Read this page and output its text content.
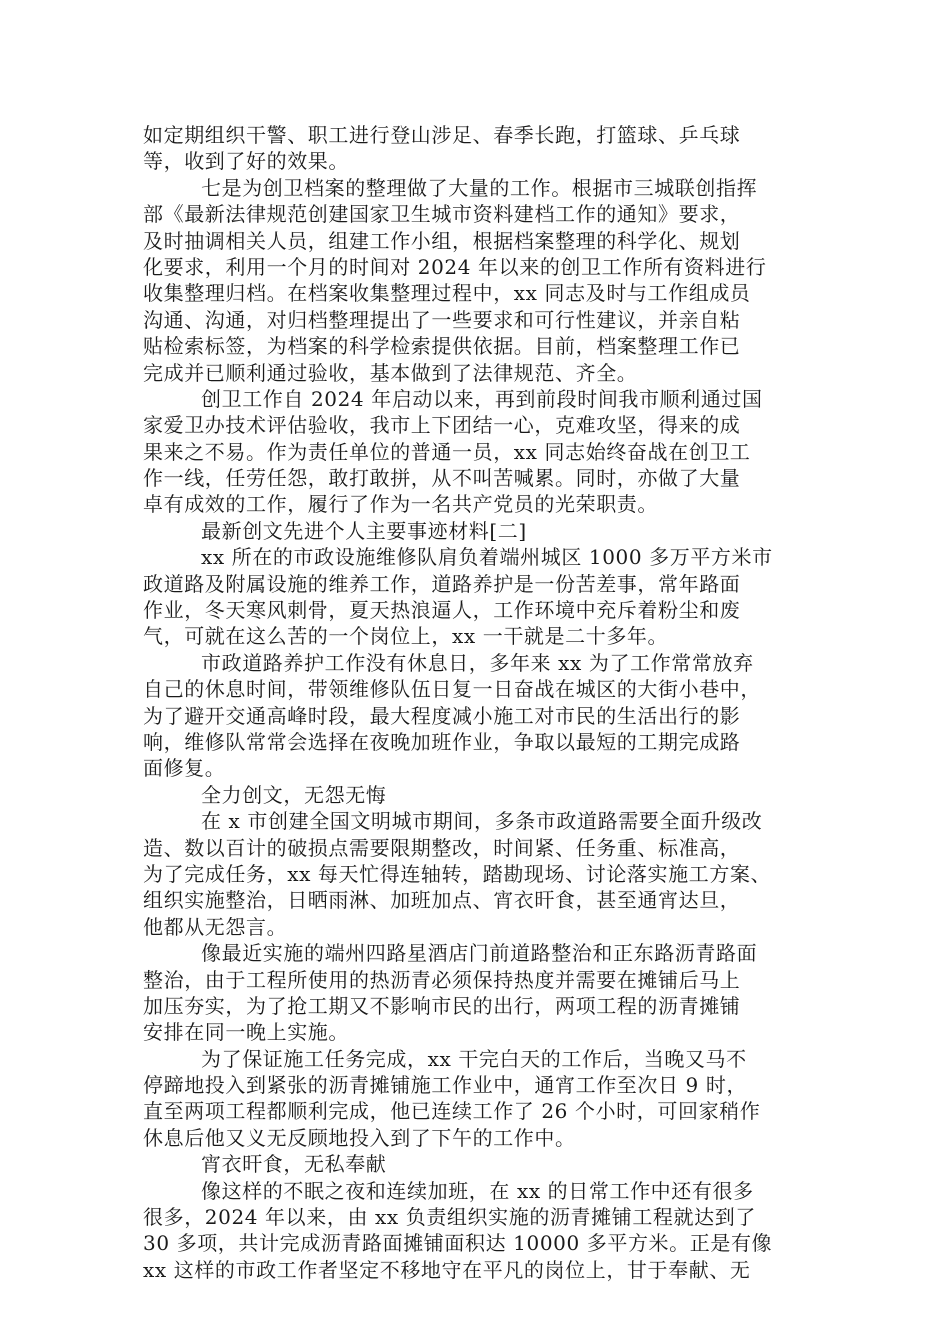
如定期组织干警、职工进行登山涉足、春季长跑，打篮球、乒乓球
等，收到了好的效果。
七是为创卫档案的整理做了大量的工作。根据市三城联创指挥
部《最新法律规范创建国家卫生城市资料建档工作的通知》要求，
及时抽调相关人员，组建工作小组，根据档案整理的科学化、规划
化要求，利用一个月的时间对 2024 年以来的创卫工作所有资料进行
收集整理归档。在档案收集整理过程中，xx 同志及时与工作组成员
沟通、沟通，对归档整理提出了一些要求和可行性建议，并亲自粘
贴检索标签，为档案的科学检索提供依据。目前，档案整理工作已
完成并已顺利通过验收，基本做到了法律规范、齐全。
创卫工作自 2024 年启动以来，再到前段时间我市顺利通过国
家爱卫办技术评估验收，我市上下团结一心，克难攻坚，得来的成
果来之不易。作为责任单位的普通一员，xx 同志始终奋战在创卫工
作一线，任劳任怨，敢打敢拼，从不叫苦喊累。同时，亦做了大量
卓有成效的工作，履行了作为一名共产党员的光荣职责。
最新创文先进个人主要事迹材料[二]
xx 所在的市政设施维修队肩负着端州城区 1000 多万平方米市
政道路及附属设施的维养工作，道路养护是一份苦差事，常年路面
作业，冬天寒风刺骨，夏天热浪逼人，工作环境中充斥着粉尘和废
气，可就在这么苦的一个岗位上，xx 一干就是二十多年。
市政道路养护工作没有休息日，多年来 xx 为了工作常常放弃
自己的休息时间，带领维修队伍日复一日奋战在城区的大街小巷中，
为了避开交通高峰时段，最大程度减小施工对市民的生活出行的影
响，维修队常常会选择在夜晚加班作业，争取以最短的工期完成路
面修复。
全力创文，无怨无悔
在 x 市创建全国文明城市期间，多条市政道路需要全面升级改
造、数以百计的破损点需要限期整改，时间紧、任务重、标准高，
为了完成任务，xx 每天忙得连轴转，踏勘现场、讨论落实施工方案、
组织实施整治，日晒雨淋、加班加点、宵衣旰食，甚至通宵达旦，
他都从无怨言。
像最近实施的端州四路星酒店门前道路整治和正东路沥青路面
整治，由于工程所使用的热沥青必须保持热度并需要在摊铺后马上
加压夯实，为了抢工期又不影响市民的出行，两项工程的沥青摊铺
安排在同一晚上实施。
为了保证施工任务完成，xx 干完白天的工作后，当晚又马不
停蹄地投入到紧张的沥青摊铺施工作业中，通宵工作至次日 9 时，
直至两项工程都顺利完成，他已连续工作了 26 个小时，可回家稍作
休息后他又义无反顾地投入到了下午的工作中。
宵衣旰食，无私奉献
像这样的不眠之夜和连续加班，在 xx 的日常工作中还有很多
很多，2024 年以来，由 xx 负责组织实施的沥青摊铺工程就达到了
30 多项，共计完成沥青路面摊铺面积达 10000 多平方米。正是有像
xx 这样的市政工作者坚定不移地守在平凡的岗位上，甘于奉献、无
